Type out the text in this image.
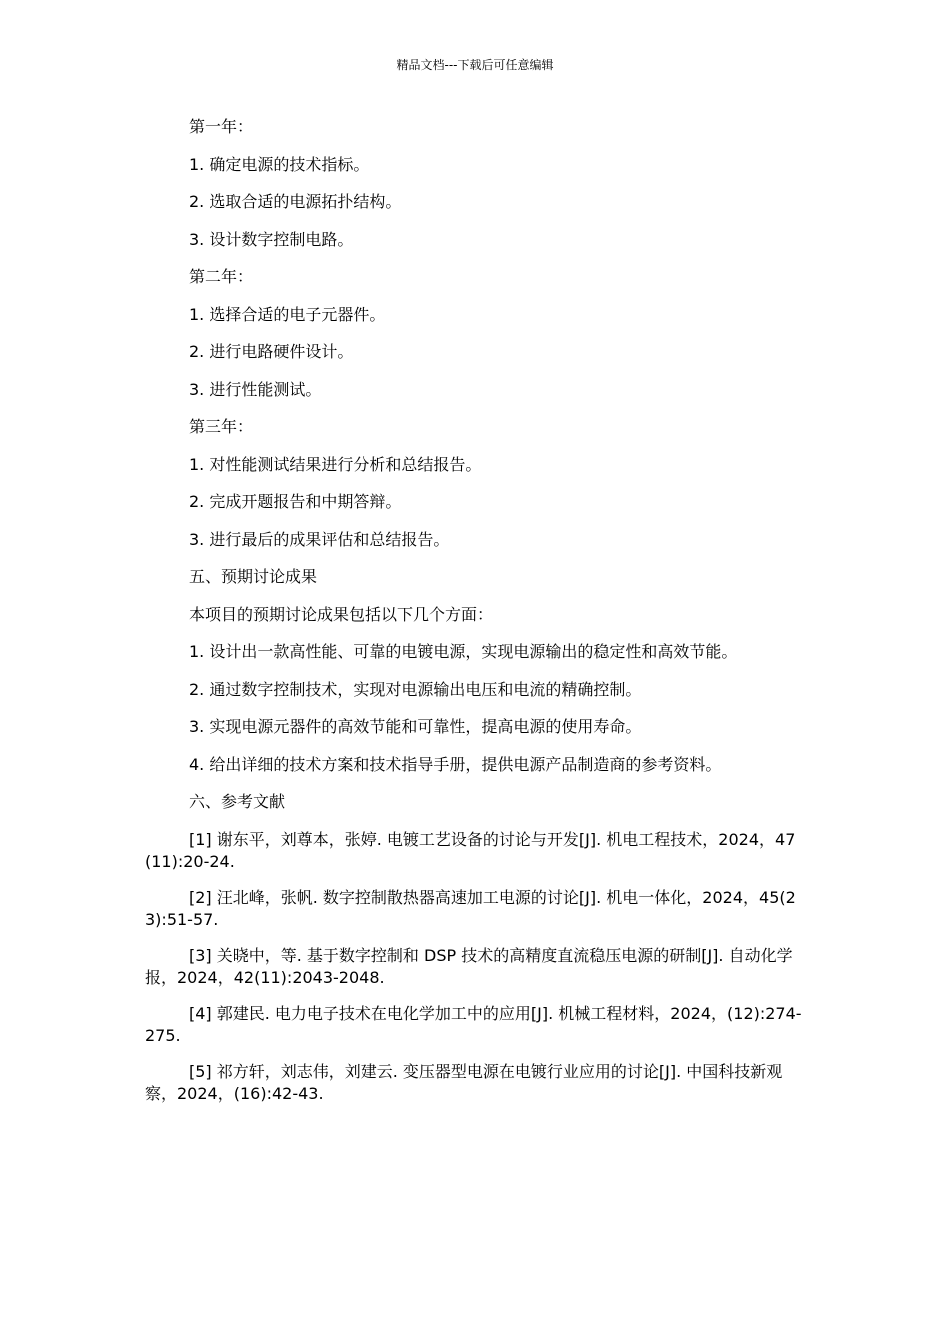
精品文档---下载后可任意编辑

第一年：

1. 确定电源的技术指标。

2. 选取合适的电源拓扑结构。

3. 设计数字控制电路。

第二年：

1. 选择合适的电子元器件。

2. 进行电路硬件设计。

3. 进行性能测试。

第三年：

1. 对性能测试结果进行分析和总结报告。

2. 完成开题报告和中期答辩。

3. 进行最后的成果评估和总结报告。

五、预期讨论成果

本项目的预期讨论成果包括以下几个方面：

1. 设计出一款高性能、可靠的电镀电源，实现电源输出的稳定性和高效节能。

2. 通过数字控制技术，实现对电源输出电压和电流的精确控制。

3. 实现电源元器件的高效节能和可靠性，提高电源的使用寿命。

4. 给出详细的技术方案和技术指导手册，提供电源产品制造商的参考资料。

六、参考文献

[1] 谢东平，刘尊本，张婷. 电镀工艺设备的讨论与开发[J]. 机电工程技术，2024，47(11):20-24.

[2] 汪北峰，张帆. 数字控制散热器高速加工电源的讨论[J]. 机电一体化，2024，45(23):51-57.

[3] 关晓中，等. 基于数字控制和 DSP 技术的高精度直流稳压电源的研制[J]. 自动化学报，2024，42(11):2043-2048.

[4] 郭建民. 电力电子技术在电化学加工中的应用[J]. 机械工程材料，2024，(12):274-275.

[5] 祁方轩，刘志伟，刘建云. 变压器型电源在电镀行业应用的讨论[J]. 中国科技新观察，2024，(16):42-43.
